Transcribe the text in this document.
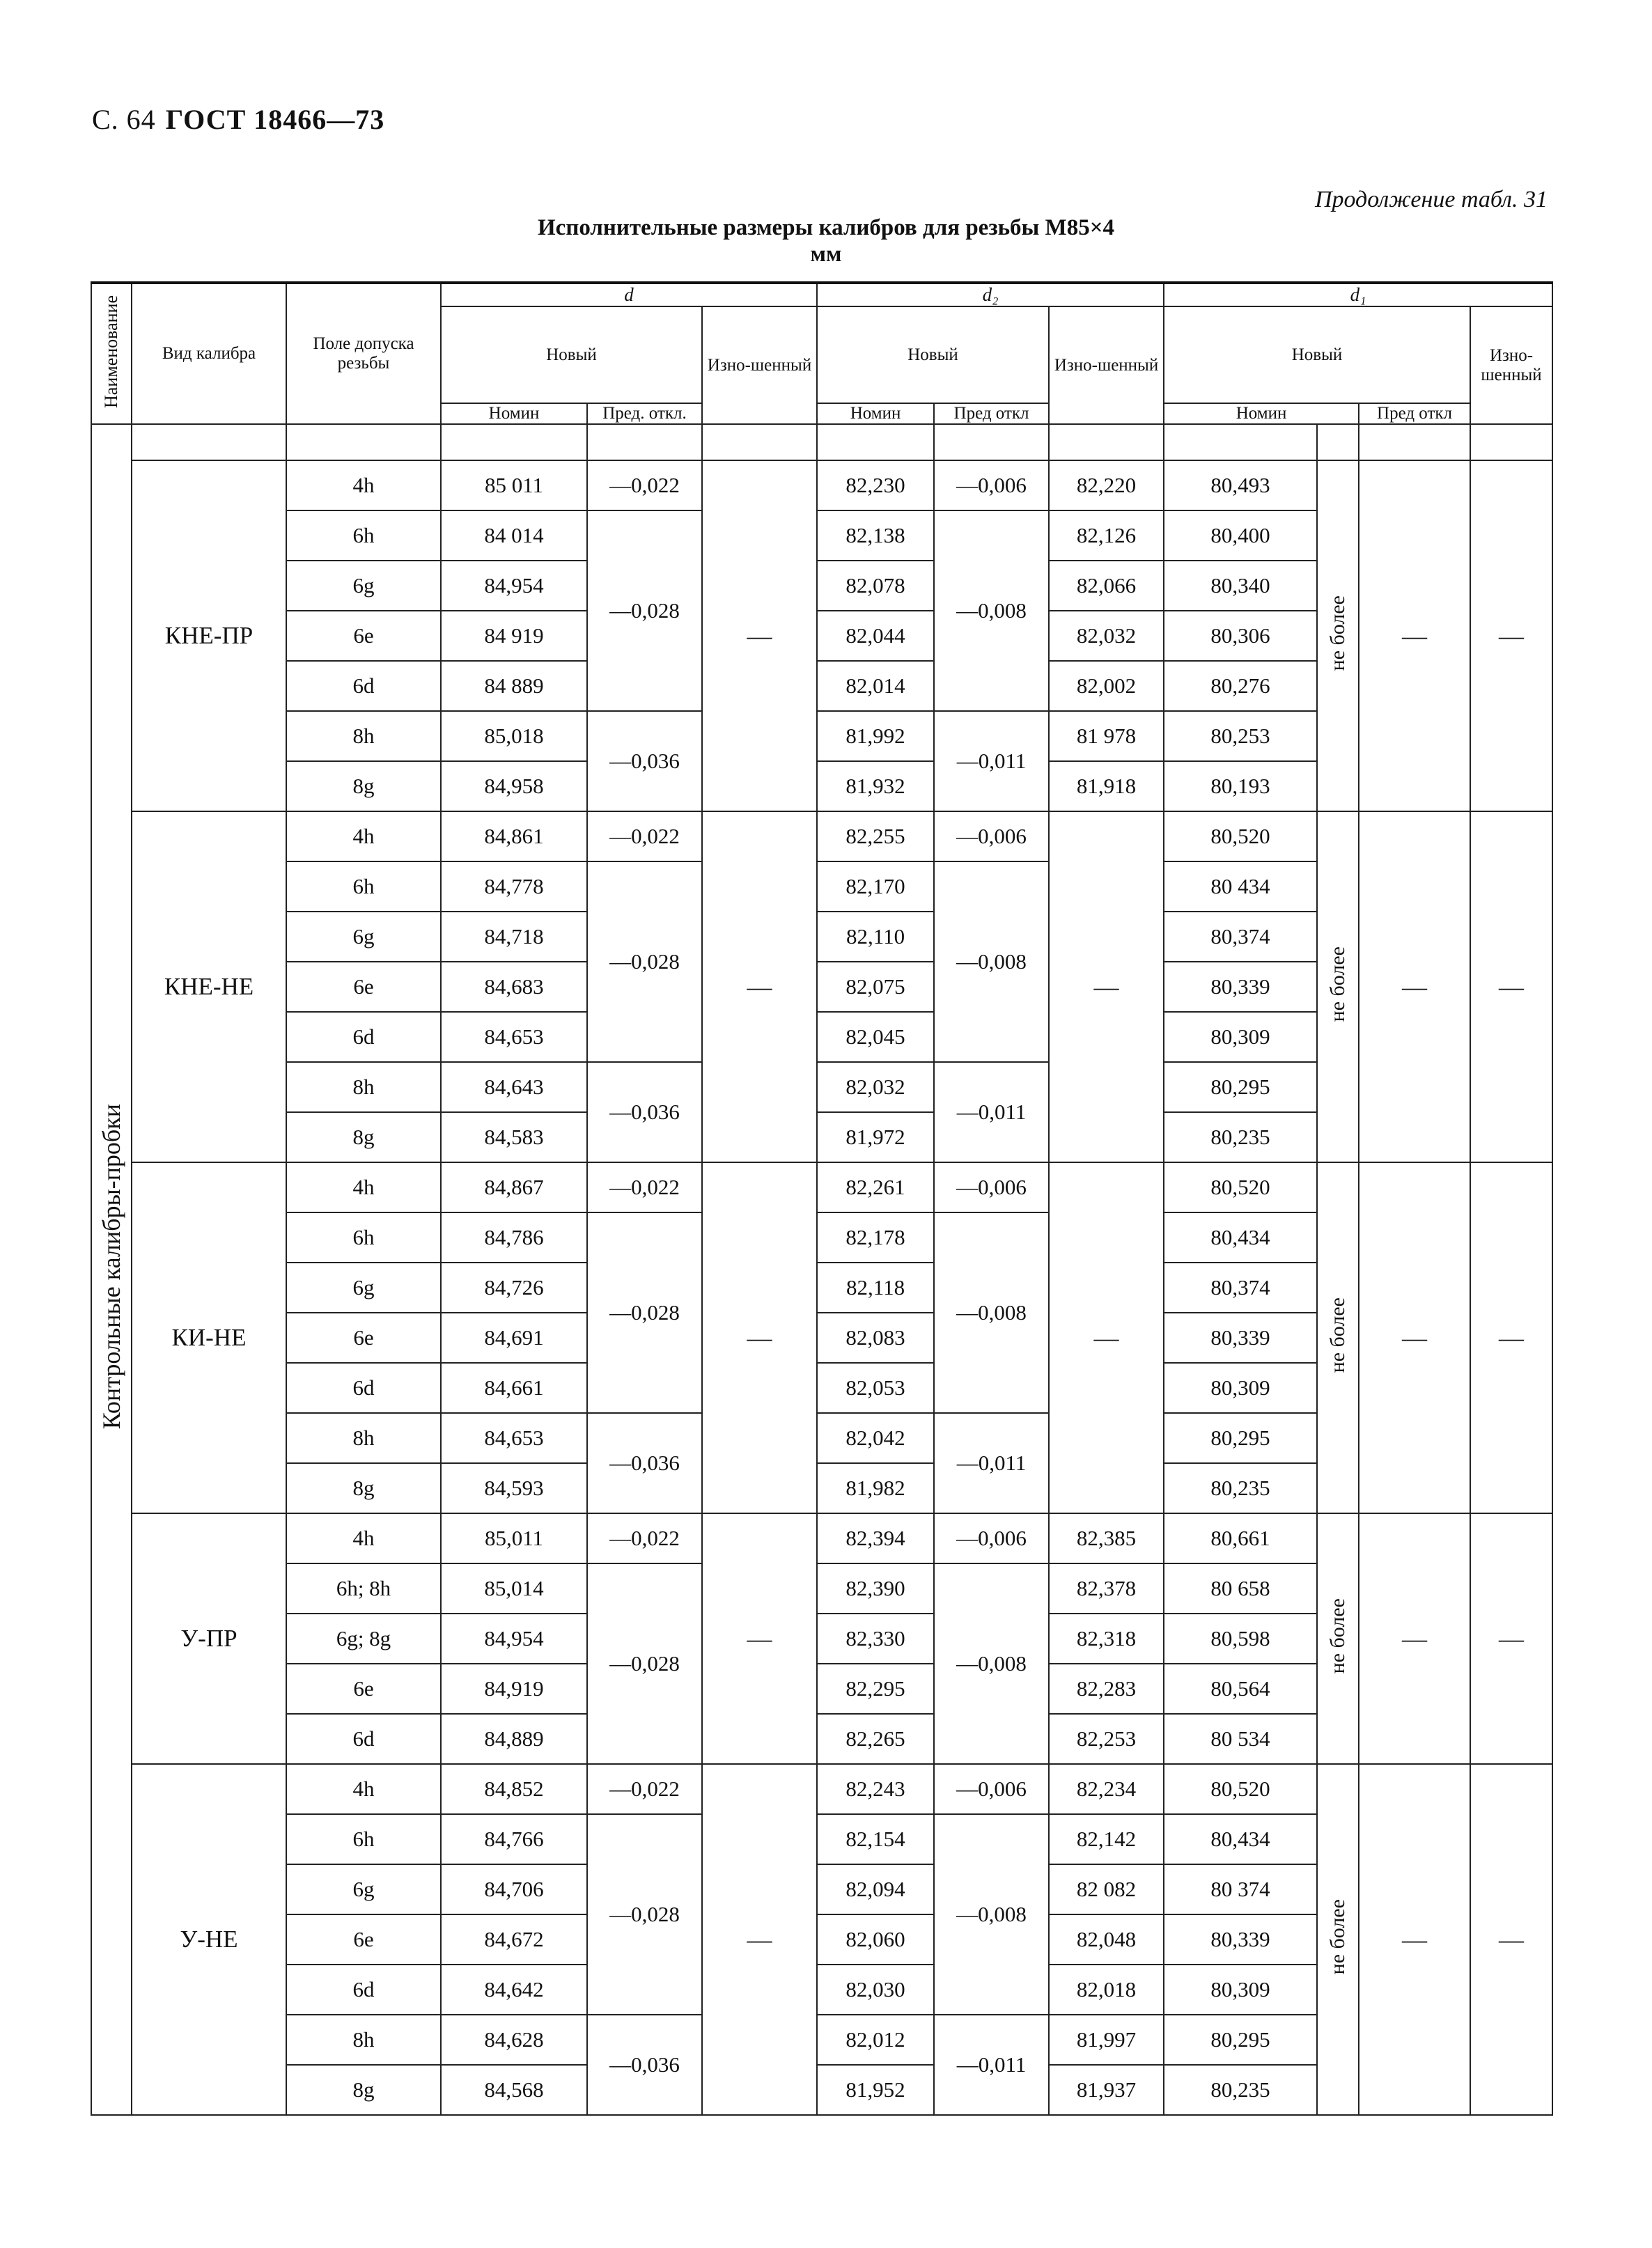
С. 64 ГОСТ 18466—73
Продолжение табл. 31
Исполнительные размеры калибров для резьбы М85×4
мм
Наименование	Вид калибра	Поле допуска резьбы	d			d₂			d₁			
			Новый		Изно-шенный	Новый		Изно-шенный	Новый			Изно-шенный
			Номин	Пред. откл.		Номин	Пред откл		Номин		Пред откл	
Контрольные калибры-пробки												
	КНЕ-ПР	4h	85 011	—0,022	—	82,230	—0,006	82,220	80,493	не более	—	—
		6h	84 014	—0,028		82,138	—0,008	82,126	80,400			
		6g	84,954			82,078		82,066	80,340			
		6e	84 919			82,044		82,032	80,306			
		6d	84 889			82,014		82,002	80,276			
		8h	85,018	—0,036		81,992	—0,011	81 978	80,253			
		8g	84,958			81,932		81,918	80,193			
	КНЕ-НЕ	4h	84,861	—0,022	—	82,255	—0,006	—	80,520	не более	—	—
		6h	84,778	—0,028		82,170	—0,008		80 434			
		6g	84,718			82,110			80,374			
		6e	84,683			82,075			80,339			
		6d	84,653			82,045			80,309			
		8h	84,643	—0,036		82,032	—0,011		80,295			
		8g	84,583			81,972			80,235			
	КИ-НЕ	4h	84,867	—0,022	—	82,261	—0,006	—	80,520	не более	—	—
		6h	84,786	—0,028		82,178	—0,008		80,434			
		6g	84,726			82,118			80,374			
		6e	84,691			82,083			80,339			
		6d	84,661			82,053			80,309			
		8h	84,653	—0,036		82,042	—0,011		80,295			
		8g	84,593			81,982			80,235			
	У-ПР	4h	85,011	—0,022	—	82,394	—0,006	82,385	80,661	не более	—	—
		6h; 8h	85,014	—0,028		82,390	—0,008	82,378	80 658			
		6g; 8g	84,954			82,330		82,318	80,598			
		6e	84,919			82,295		82,283	80,564			
		6d	84,889			82,265		82,253	80 534			
	У-НЕ	4h	84,852	—0,022	—	82,243	—0,006	82,234	80,520	не более	—	—
		6h	84,766	—0,028		82,154	—0,008	82,142	80,434			
		6g	84,706			82,094		82 082	80 374			
		6e	84,672			82,060		82,048	80,339			
		6d	84,642			82,030		82,018	80,309			
		8h	84,628	—0,036		82,012	—0,011	81,997	80,295			
		8g	84,568			81,952		81,937	80,235			
